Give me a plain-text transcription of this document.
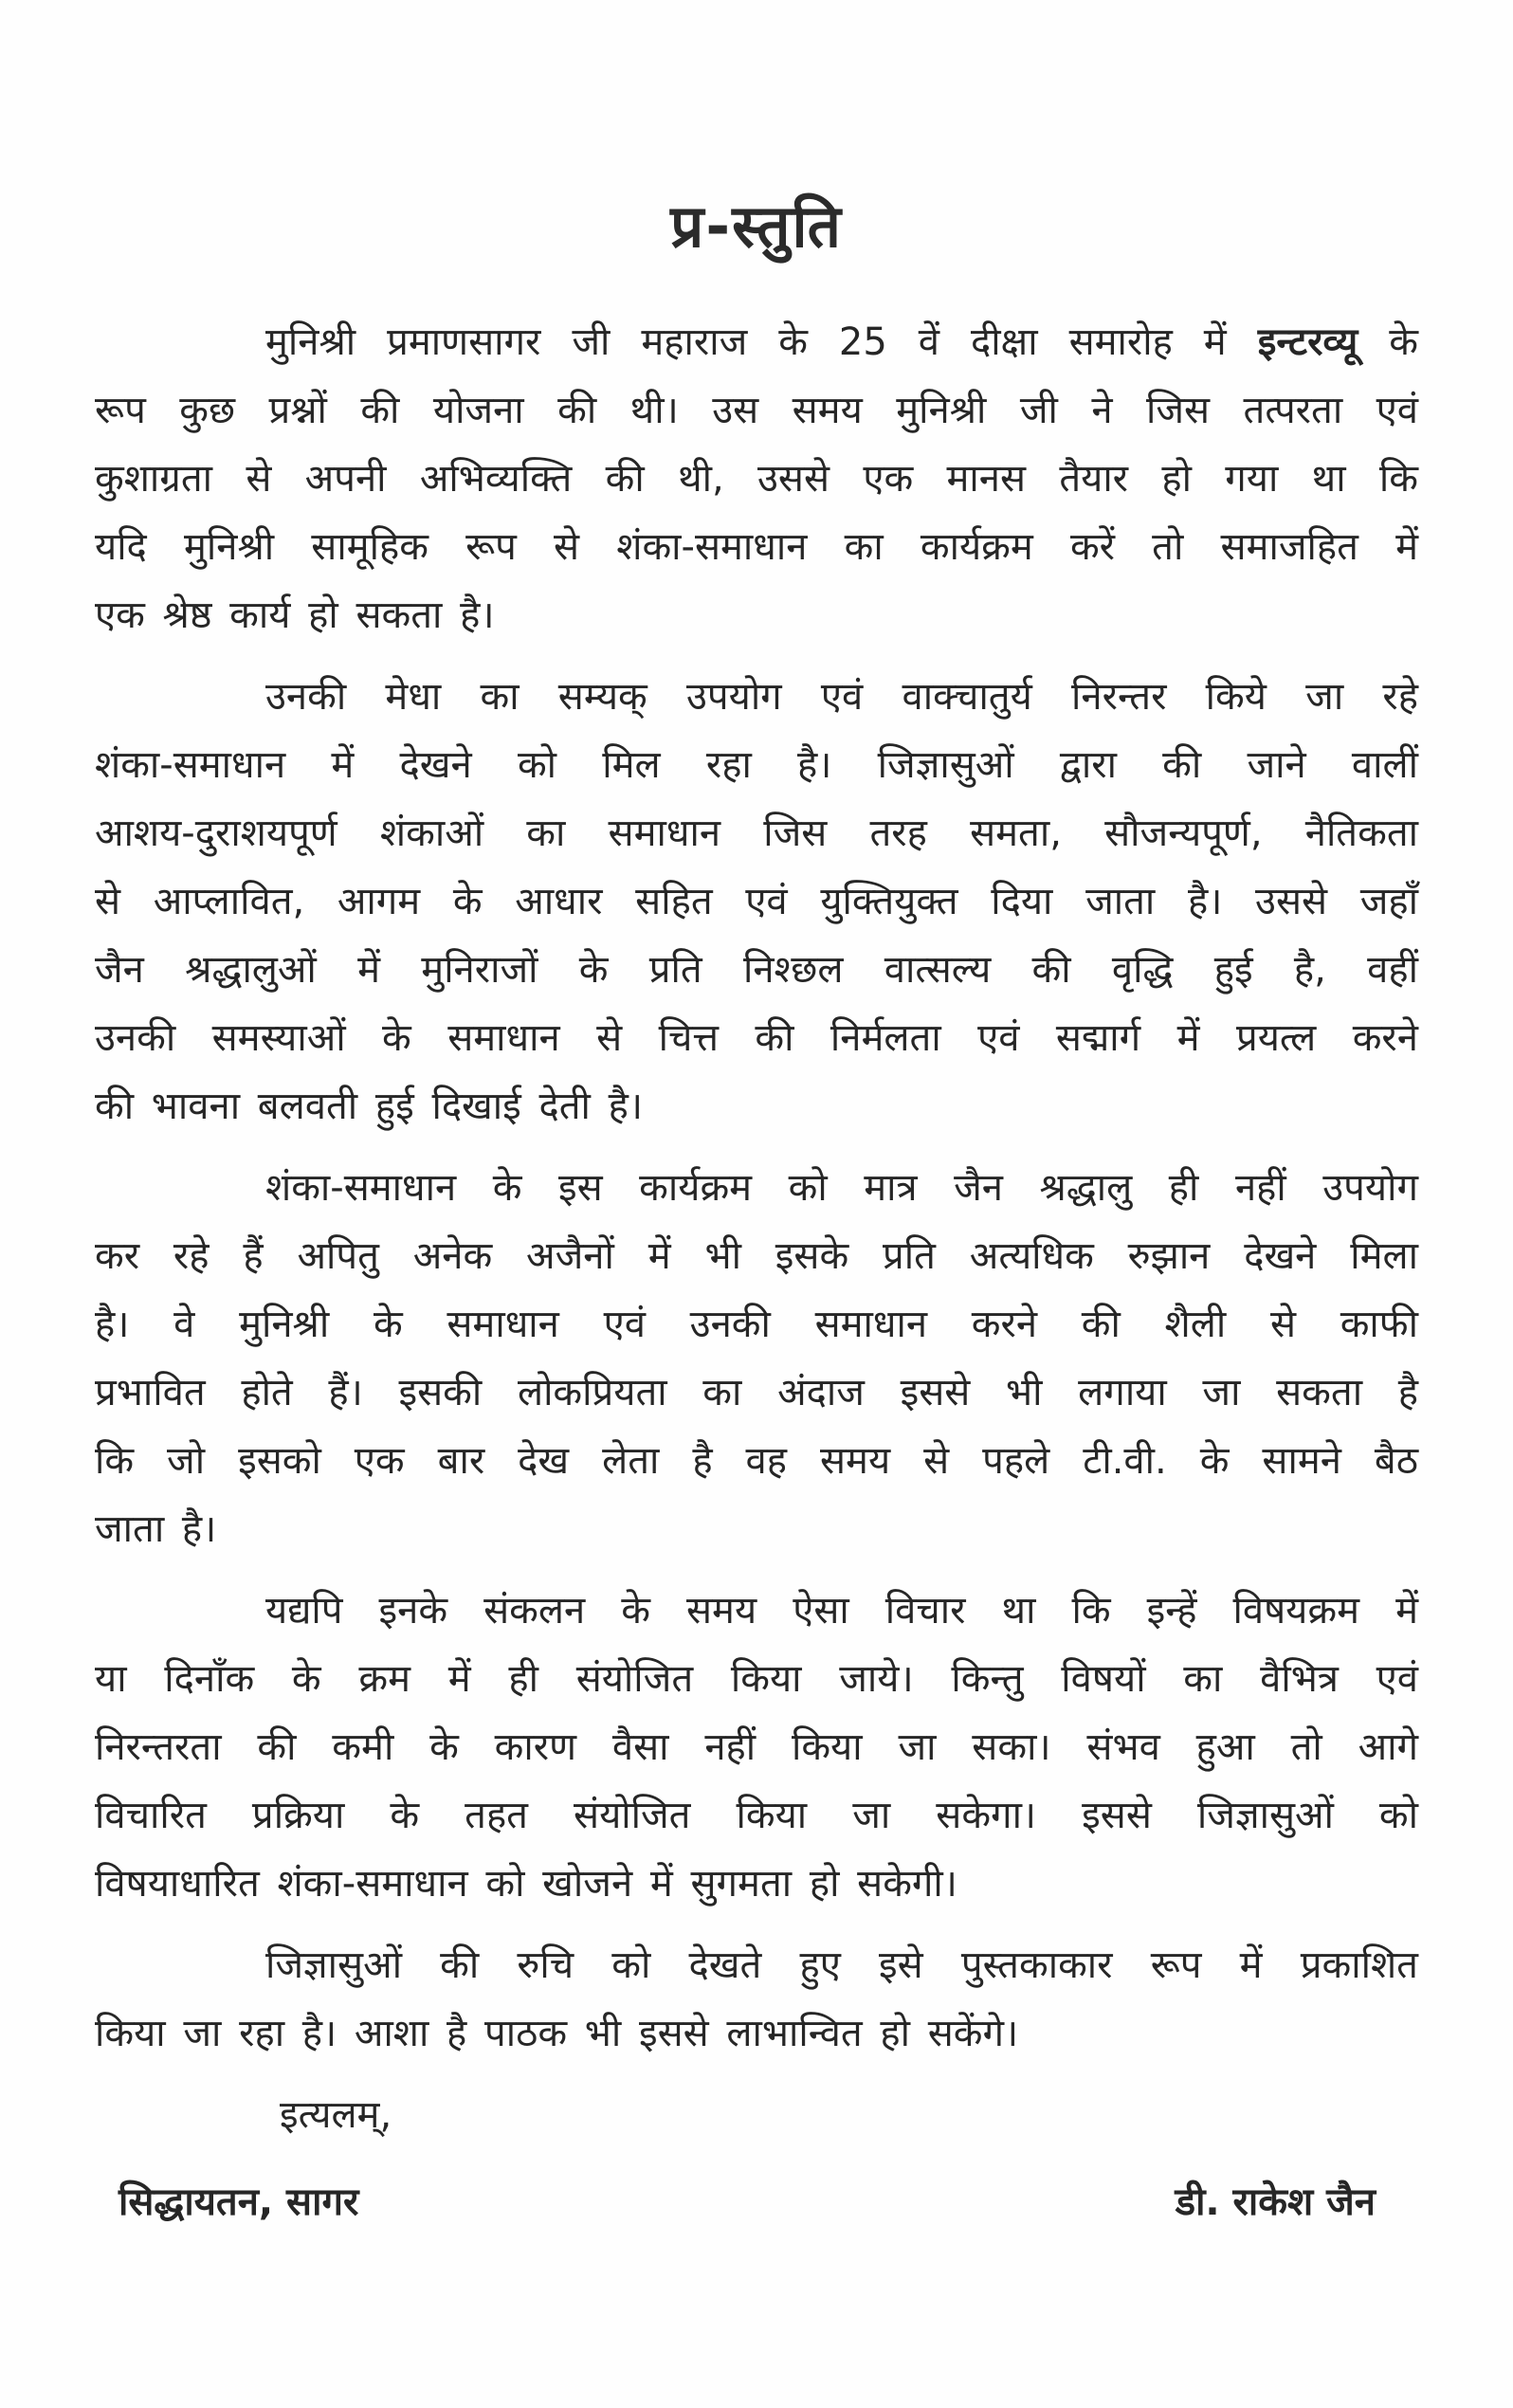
प्र-स्तुति
मुनिश्री प्रमाणसागर जी महाराज के 25 वें दीक्षा समारोह में इन्टरव्यू के
रूप कुछ प्रश्नों की योजना की थी। उस समय मुनिश्री जी ने जिस तत्परता एवं
कुशाग्रता से अपनी अभिव्यक्ति की थी, उससे एक मानस तैयार हो गया था कि
यदि मुनिश्री सामूहिक रूप से शंका-समाधान का कार्यक्रम करें तो समाजहित में
एक श्रेष्ठ कार्य हो सकता है।
उनकी मेधा का सम्यक् उपयोग एवं वाक्चातुर्य निरन्तर किये जा रहे
शंका-समाधान में देखने को मिल रहा है। जिज्ञासुओं द्वारा की जाने वालीं
आशय-दुराशयपूर्ण शंकाओं का समाधान जिस तरह समता, सौजन्यपूर्ण, नैतिकता
से आप्लावित, आगम के आधार सहित एवं युक्तियुक्त दिया जाता है। उससे जहाँ
जैन श्रद्धालुओं में मुनिराजों के प्रति निश्छल वात्सल्य की वृद्धि हुई है, वहीं
उनकी समस्याओं के समाधान से चित्त की निर्मलता एवं सद्मार्ग में प्रयत्ल करने
की भावना बलवती हुई दिखाई देती है।
शंका-समाधान के इस कार्यक्रम को मात्र जैन श्रद्धालु ही नहीं उपयोग
कर रहे हैं अपितु अनेक अजैनों में भी इसके प्रति अत्यधिक रुझान देखने मिला
है। वे मुनिश्री के समाधान एवं उनकी समाधान करने की शैली से काफी
प्रभावित होते हैं। इसकी लोकप्रियता का अंदाज इससे भी लगाया जा सकता है
कि जो इसको एक बार देख लेता है वह समय से पहले टी.वी. के सामने बैठ
जाता है।
यद्यपि इनके संकलन के समय ऐसा विचार था कि इन्हें विषयक्रम में
या दिनाँक के क्रम में ही संयोजित किया जाये। किन्तु विषयों का वैभित्र एवं
निरन्तरता की कमी के कारण वैसा नहीं किया जा सका। संभव हुआ तो आगे
विचारित प्रक्रिया के तहत संयोजित किया जा सकेगा। इससे जिज्ञासुओं को
विषयाधारित शंका-समाधान को खोजने में सुगमता हो सकेगी।
जिज्ञासुओं की रुचि को देखते हुए इसे पुस्तकाकार रूप में प्रकाशित
किया जा रहा है। आशा है पाठक भी इससे लाभान्वित हो सकेंगे।
इत्यलम्,
सिद्धायतन, सागर	डी. राकेश जैन
